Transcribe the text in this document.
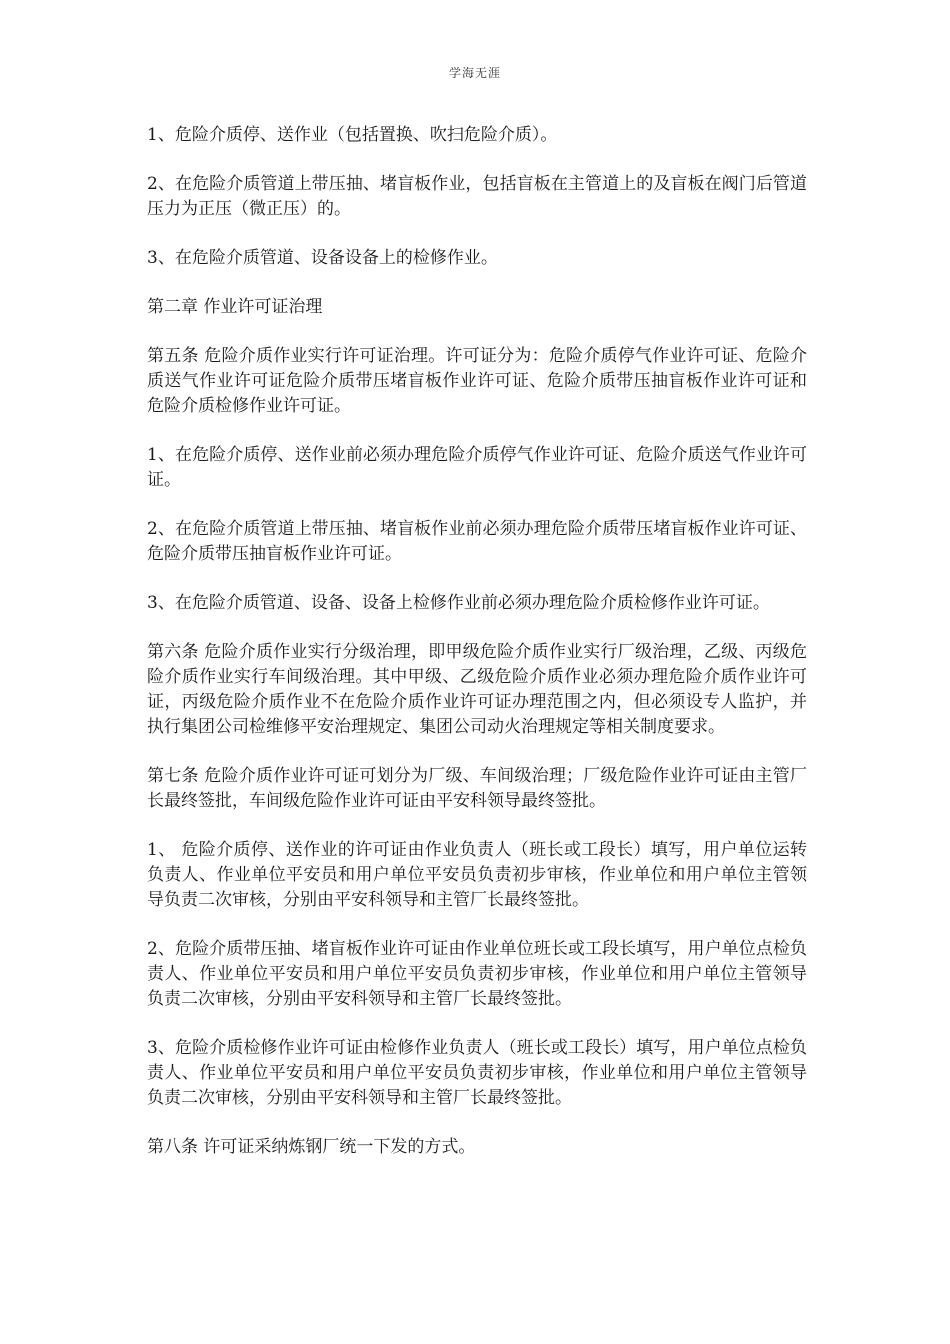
学海无涯

1、危险介质停、送作业（包括置换、吹扫危险介质）。

2、在危险介质管道上带压抽、堵盲板作业，包括盲板在主管道上的及盲板在阀门后管道压力为正压（微正压）的。

3、在危险介质管道、设备设备上的检修作业。

第二章 作业许可证治理

第五条 危险介质作业实行许可证治理。许可证分为：危险介质停气作业许可证、危险介质送气作业许可证危险介质带压堵盲板作业许可证、危险介质带压抽盲板作业许可证和危险介质检修作业许可证。

1、在危险介质停、送作业前必须办理危险介质停气作业许可证、危险介质送气作业许可证。

2、在危险介质管道上带压抽、堵盲板作业前必须办理危险介质带压堵盲板作业许可证、危险介质带压抽盲板作业许可证。

3、在危险介质管道、设备、设备上检修作业前必须办理危险介质检修作业许可证。

第六条 危险介质作业实行分级治理，即甲级危险介质作业实行厂级治理，乙级、丙级危险介质作业实行车间级治理。其中甲级、乙级危险介质作业必须办理危险介质作业许可证，丙级危险介质作业不在危险介质作业许可证办理范围之内，但必须设专人监护，并执行集团公司检维修平安治理规定、集团公司动火治理规定等相关制度要求。

第七条 危险介质作业许可证可划分为厂级、车间级治理；厂级危险作业许可证由主管厂长最终签批，车间级危险作业许可证由平安科领导最终签批。

1、 危险介质停、送作业的许可证由作业负责人（班长或工段长）填写，用户单位运转负责人、作业单位平安员和用户单位平安员负责初步审核，作业单位和用户单位主管领导负责二次审核，分别由平安科领导和主管厂长最终签批。

2、危险介质带压抽、堵盲板作业许可证由作业单位班长或工段长填写，用户单位点检负责人、作业单位平安员和用户单位平安员负责初步审核，作业单位和用户单位主管领导负责二次审核，分别由平安科领导和主管厂长最终签批。

3、危险介质检修作业许可证由检修作业负责人（班长或工段长）填写，用户单位点检负责人、作业单位平安员和用户单位平安员负责初步审核，作业单位和用户单位主管领导负责二次审核，分别由平安科领导和主管厂长最终签批。

第八条 许可证采纳炼钢厂统一下发的方式。
